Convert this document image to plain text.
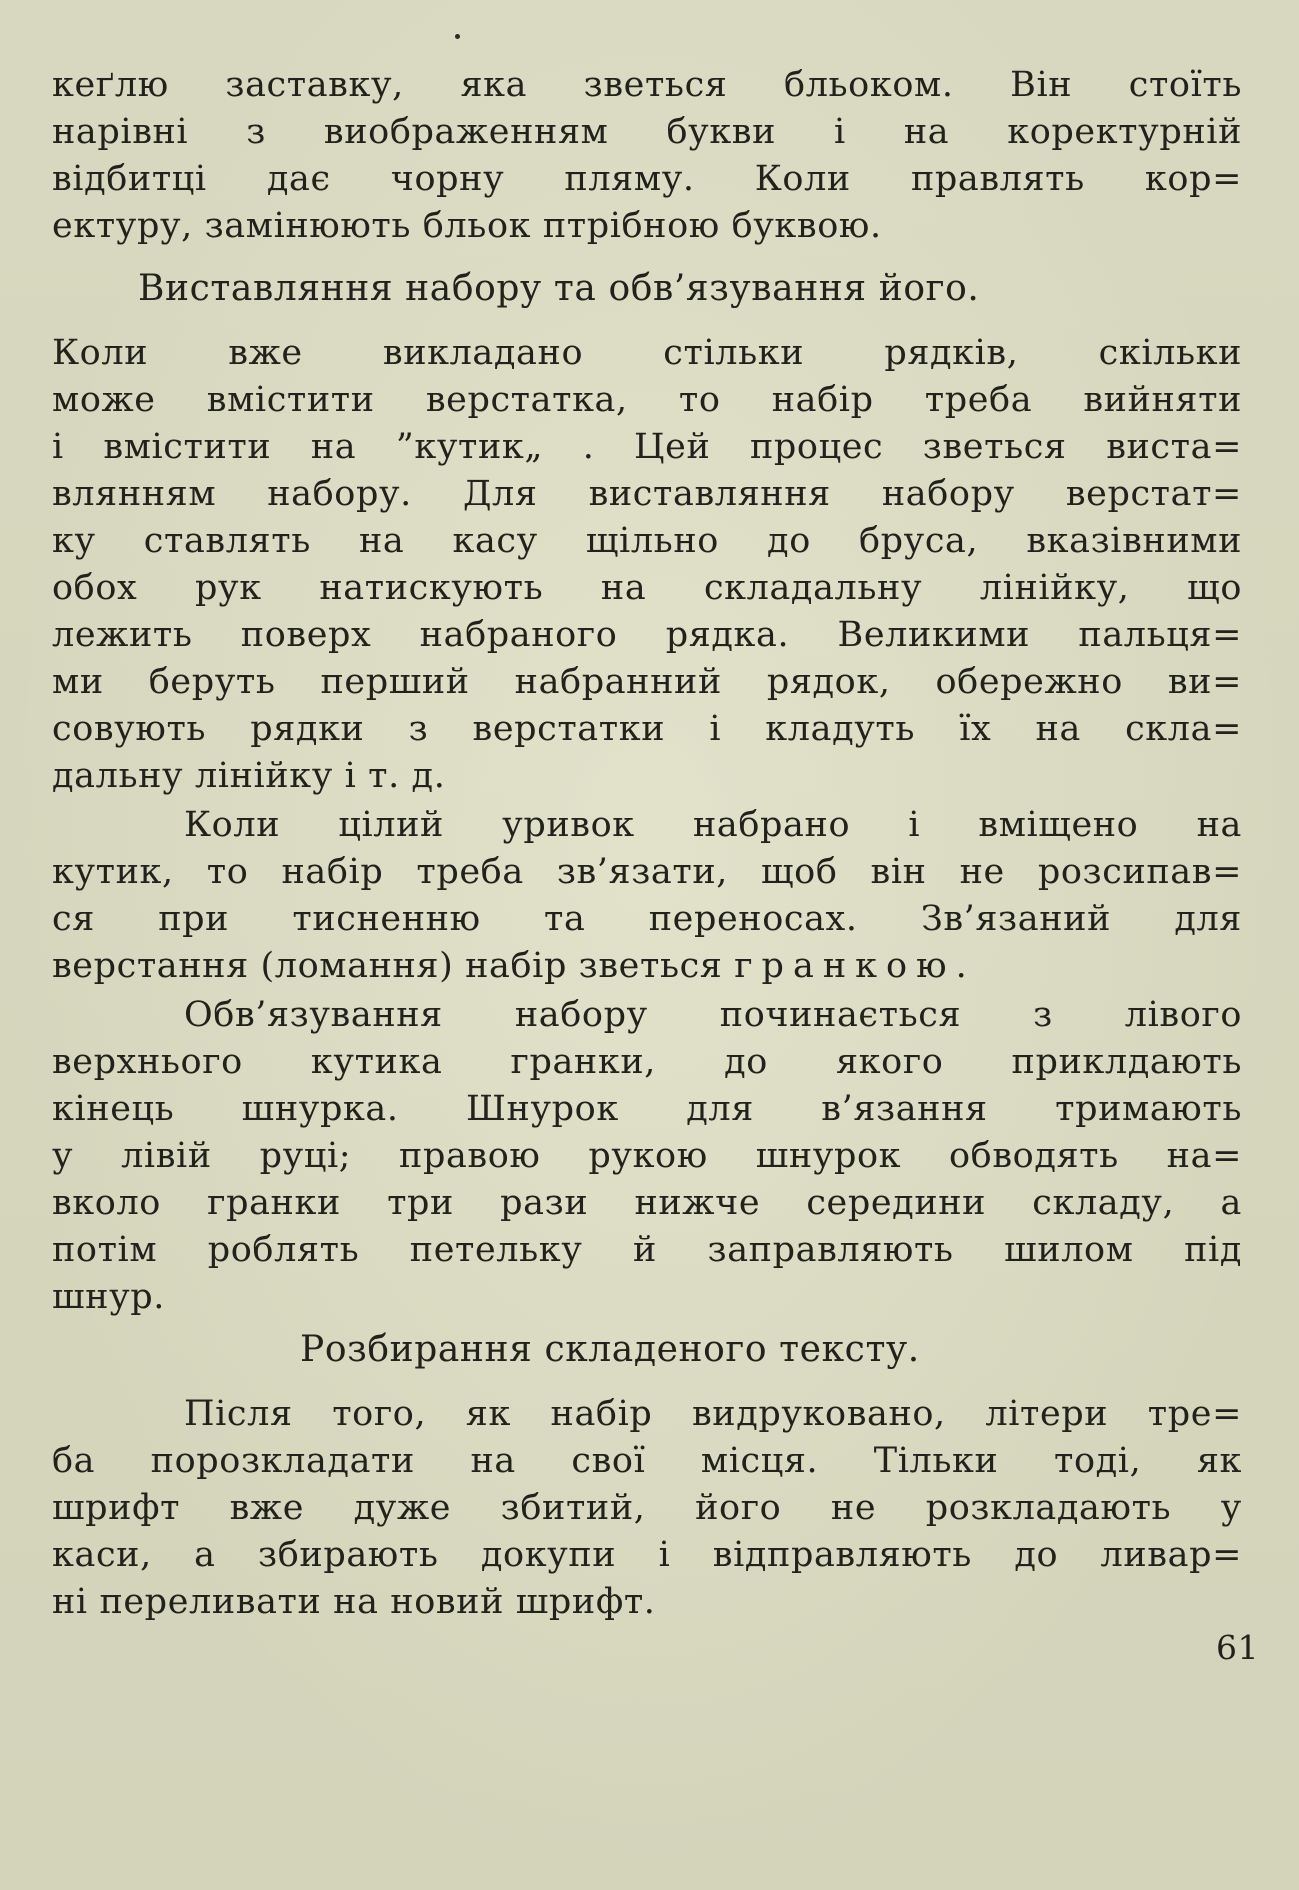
кеґлю заставку, яка зветься бльоком. Він стоїть
нарівні з виображенням букви і на коректурній
відбитці дає чорну пляму. Коли правлять кор=
ектуру, замінюють бльок птрібною буквою.
Виставляння набору та обв’язування його.
Коли вже викладано стільки рядків, скільки
може вмістити верстатка, то набір треба вийняти
і вмістити на ”кутик„ . Цей процес зветься виста=
влянням набору. Для виставляння набору верстат=
ку ставлять на касу щільно до бруса, вказівними
обох рук натискують на складальну лінійку, що
лежить поверх набраного рядка. Великими пальця=
ми беруть перший набранний рядок, обережно ви=
совують рядки з верстатки і кладуть їх на скла=
дальну лінійку і т. д.
Коли цілий уривок набрано і вміщено на
кутик, то набір треба зв’язати, щоб він не розсипав=
ся при тисненню та переносах. Зв’язаний для
верстання (ломання) набір зветься гранкою.
Обв’язування набору починається з лівого
верхнього кутика гранки, до якого приклдають
кінець шнурка. Шнурок для в’язання тримають
у лівій руці; правою рукою шнурок обводять на=
вколо гранки три рази нижче середини складу, а
потім роблять петельку й заправляють шилом під
шнур.
Розбирання складеного тексту.
Після того, як набір видруковано, літери тре=
ба порозкладати на свої місця. Тільки тоді, як
шрифт вже дуже збитий, його не розкладають у
каси, а збирають докупи і відправляють до ливар=
ні переливати на новий шрифт.
61
